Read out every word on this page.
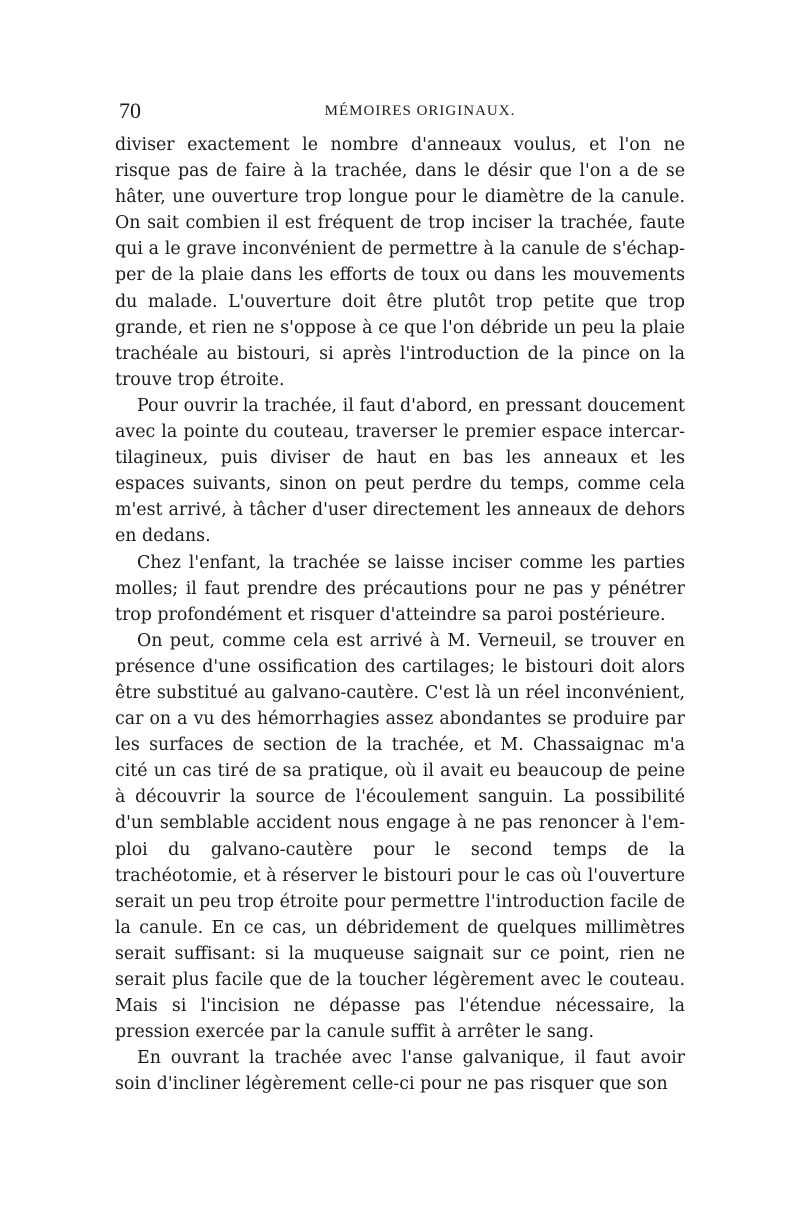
70	MÉMOIRES ORIGINAUX.

diviser exactement le nombre d'anneaux voulus, et l'on ne risque pas de faire à la trachée, dans le désir que l'on a de se hâter, une ouverture trop longue pour le diamètre de la canule. On sait combien il est fréquent de trop inciser la trachée, faute qui a le grave inconvénient de permettre à la canule de s'échapper de la plaie dans les efforts de toux ou dans les mouvements du malade. L'ouverture doit être plutôt trop petite que trop grande, et rien ne s'oppose à ce que l'on débride un peu la plaie trachéale au bistouri, si après l'introduction de la pince on la trouve trop étroite.

Pour ouvrir la trachée, il faut d'abord, en pressant doucement avec la pointe du couteau, traverser le premier espace intercartilagineux, puis diviser de haut en bas les anneaux et les espaces suivants, sinon on peut perdre du temps, comme cela m'est arrivé, à tâcher d'user directement les anneaux de dehors en dedans.

Chez l'enfant, la trachée se laisse inciser comme les parties molles; il faut prendre des précautions pour ne pas y pénétrer trop profondément et risquer d'atteindre sa paroi postérieure.

On peut, comme cela est arrivé à M. Verneuil, se trouver en présence d'une ossification des cartilages; le bistouri doit alors être substitué au galvano-cautère. C'est là un réel inconvénient, car on a vu des hémorrhagies assez abondantes se produire par les surfaces de section de la trachée, et M. Chassaignac m'a cité un cas tiré de sa pratique, où il avait eu beaucoup de peine à découvrir la source de l'écoulement sanguin. La possibilité d'un semblable accident nous engage à ne pas renoncer à l'emploi du galvano-cautère pour le second temps de la trachéotomie, et à réserver le bistouri pour le cas où l'ouverture serait un peu trop étroite pour permettre l'introduction facile de la canule. En ce cas, un débridement de quelques millimètres serait suffisant: si la muqueuse saignait sur ce point, rien ne serait plus facile que de la toucher légèrement avec le couteau. Mais si l'incision ne dépasse pas l'étendue nécessaire, la pression exercée par la canule suffit à arrêter le sang.

En ouvrant la trachée avec l'anse galvanique, il faut avoir soin d'incliner légèrement celle-ci pour ne pas risquer que son
